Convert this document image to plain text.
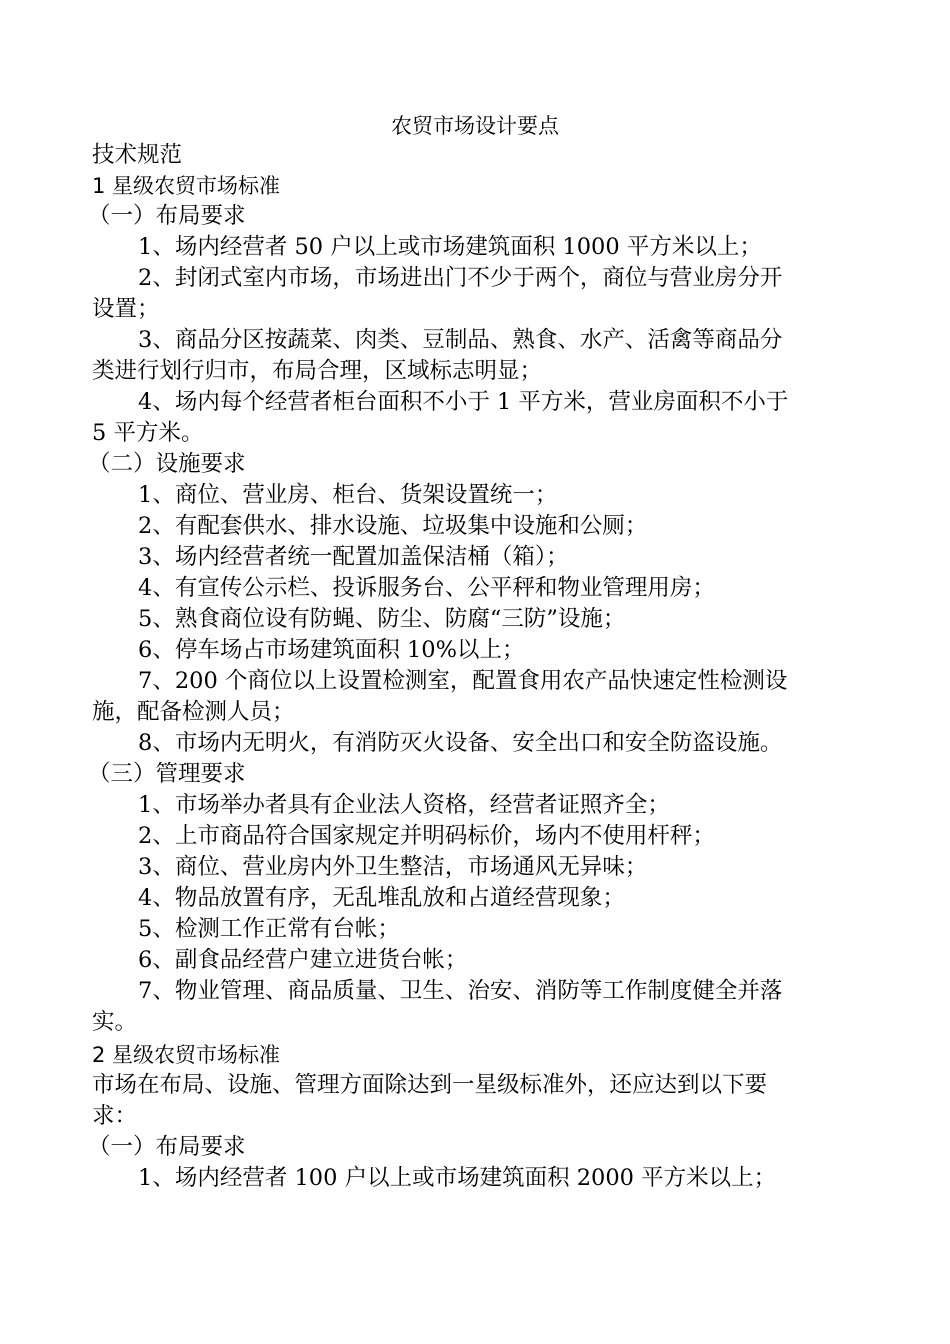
农贸市场设计要点
技术规范
1 星级农贸市场标准
（一）布局要求
1、场内经营者 50 户以上或市场建筑面积 1000 平方米以上；
2、封闭式室内市场，市场进出门不少于两个，商位与营业房分开
设置；
3、商品分区按蔬菜、肉类、豆制品、熟食、水产、活禽等商品分
类进行划行归市，布局合理，区域标志明显；
4、场内每个经营者柜台面积不小于 1 平方米，营业房面积不小于
5 平方米。
（二）设施要求
1、商位、营业房、柜台、货架设置统一；
2、有配套供水、排水设施、垃圾集中设施和公厕；
3、场内经营者统一配置加盖保洁桶（箱）；
4、有宣传公示栏、投诉服务台、公平秤和物业管理用房；
5、熟食商位设有防蝇、防尘、防腐“三防”设施；
6、停车场占市场建筑面积 10%以上；
7、200 个商位以上设置检测室，配置食用农产品快速定性检测设
施，配备检测人员；
8、市场内无明火，有消防灭火设备、安全出口和安全防盗设施。
（三）管理要求
1、市场举办者具有企业法人资格，经营者证照齐全；
2、上市商品符合国家规定并明码标价，场内不使用杆秤；
3、商位、营业房内外卫生整洁，市场通风无异味；
4、物品放置有序，无乱堆乱放和占道经营现象；
5、检测工作正常有台帐；
6、副食品经营户建立进货台帐；
7、物业管理、商品质量、卫生、治安、消防等工作制度健全并落
实。
2 星级农贸市场标准
市场在布局、设施、管理方面除达到一星级标准外，还应达到以下要
求：
（一）布局要求
1、场内经营者 100 户以上或市场建筑面积 2000 平方米以上；
